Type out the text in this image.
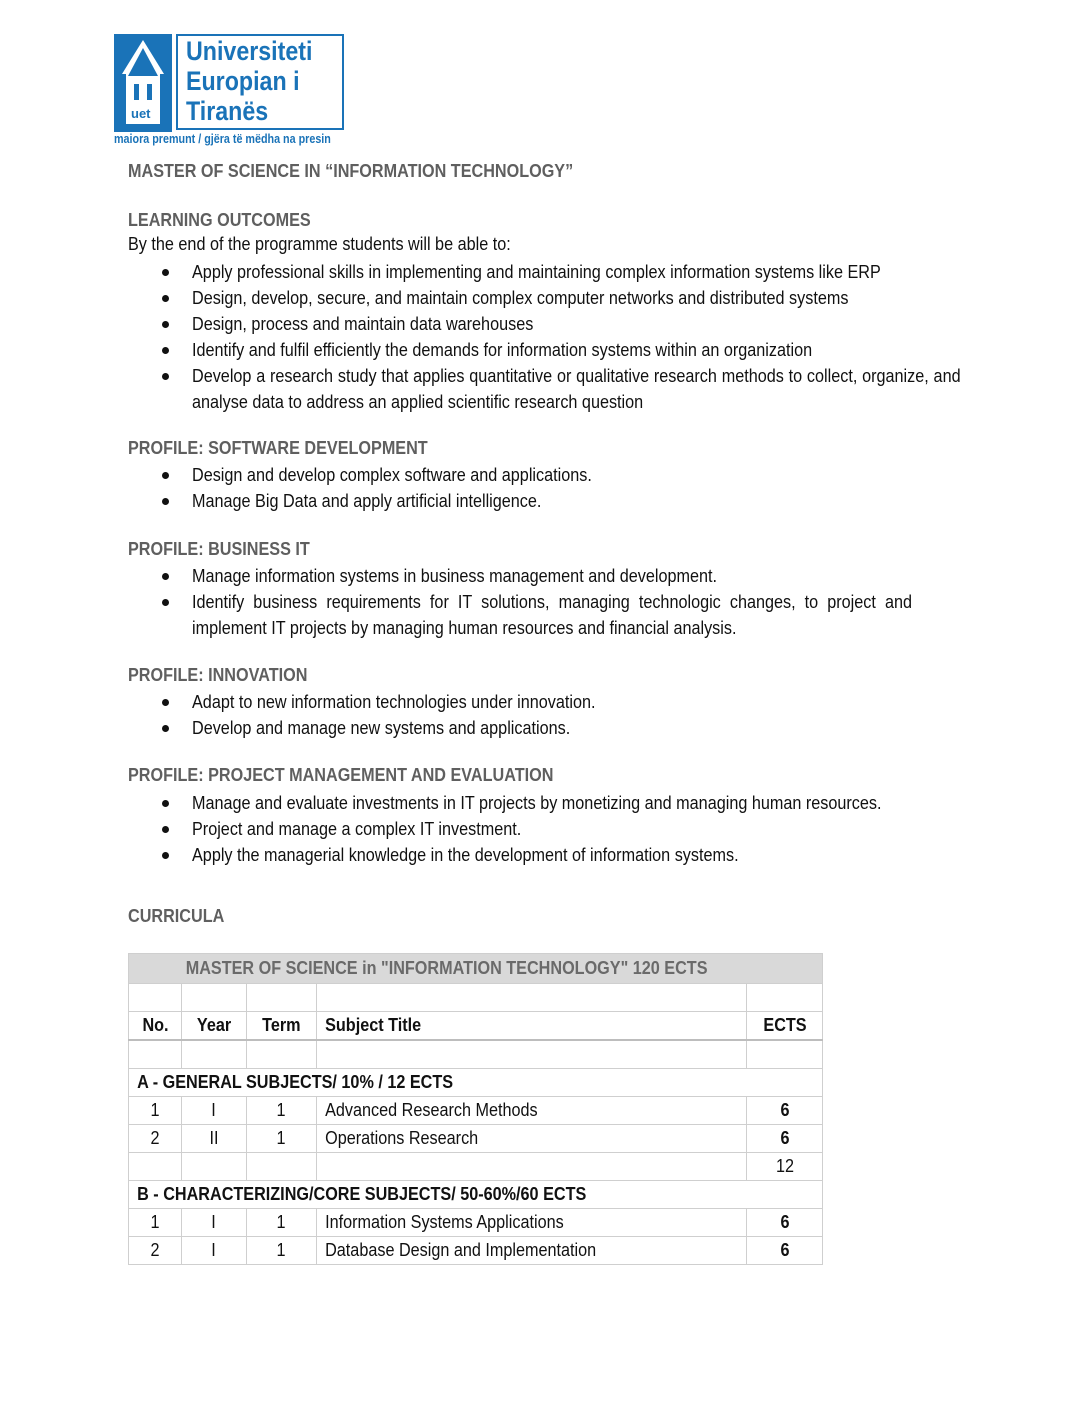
uet
Universiteti
Europian i
Tiranës
maiora premunt / gjëra të mëdha na presin
MASTER OF SCIENCE IN “INFORMATION TECHNOLOGY”
LEARNING OUTCOMES
By the end of the programme students will be able to:
Apply professional skills in implementing and maintaining complex information systems like ERP
Design, develop, secure, and maintain complex computer networks and distributed systems
Design, process and maintain data warehouses
Identify and fulfil efficiently the demands for information systems within an organization
Develop a research study that applies quantitative or qualitative research methods to collect, organize, and analyse data to address an applied scientific research question
PROFILE: SOFTWARE DEVELOPMENT
Design and develop complex software and applications.
Manage Big Data and apply artificial intelligence.
PROFILE: BUSINESS IT
Manage information systems in business management and development.
Identify business requirements for IT solutions, managing technologic changes, to project and implement IT projects by managing human resources and financial analysis.
PROFILE: INNOVATION
Adapt to new information technologies under innovation.
Develop and manage new systems and applications.
PROFILE: PROJECT MANAGEMENT AND EVALUATION
Manage and evaluate investments in IT projects by monetizing and managing human resources.
Project and manage a complex IT investment.
Apply the managerial knowledge in the development of information systems.
CURRICULA
MASTER OF SCIENCE in "INFORMATION TECHNOLOGY" 120 ECTS				

No.	Year	Term	Subject Title	ECTS

A - GENERAL SUBJECTS/ 10% / 12 ECTS				
1	I	1	Advanced Research Methods	6
2	II	1	Operations Research	6
				12
B - CHARACTERIZING/CORE SUBJECTS/ 50-60%/60 ECTS				
1	I	1	Information Systems Applications	6
2	I	1	Database Design and Implementation	6
